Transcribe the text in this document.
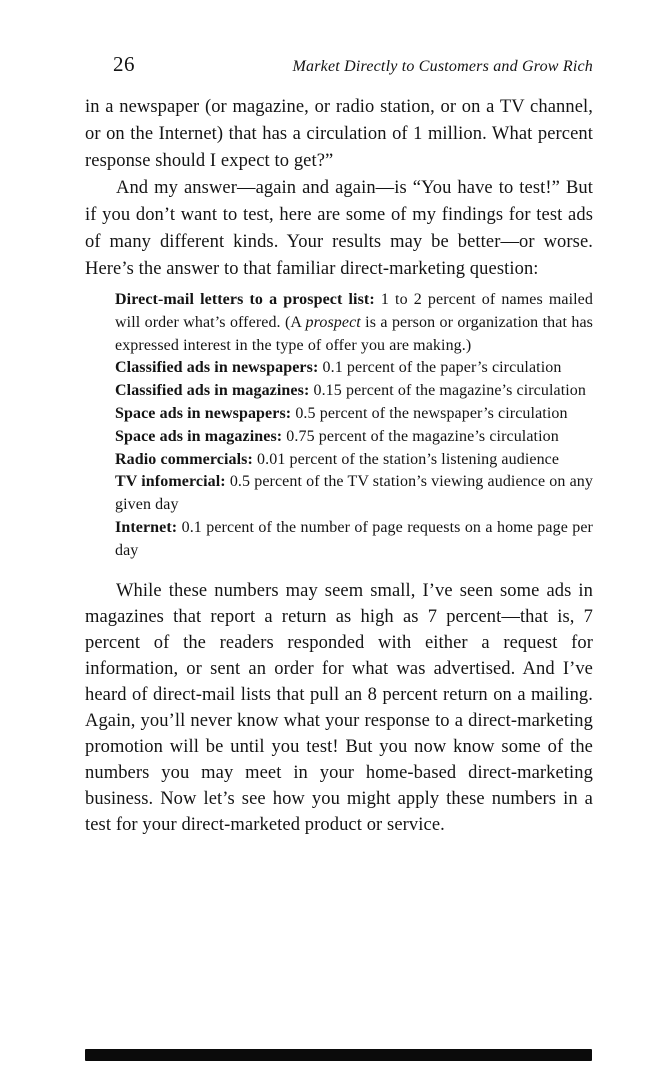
26	Market Directly to Customers and Grow Rich

in a newspaper (or magazine, or radio station, or on a TV channel, or on the Internet) that has a circulation of 1 million. What percent response should I expect to get?”

And my answer—again and again—is “You have to test!” But if you don’t want to test, here are some of my findings for test ads of many different kinds. Your results may be better—or worse. Here’s the answer to that familiar direct-marketing question:

Direct-mail letters to a prospect list: 1 to 2 percent of names mailed will order what’s offered. (A prospect is a person or organization that has expressed interest in the type of offer you are making.)

Classified ads in newspapers: 0.1 percent of the paper’s circulation

Classified ads in magazines: 0.15 percent of the magazine’s circulation

Space ads in newspapers: 0.5 percent of the newspaper’s circulation

Space ads in magazines: 0.75 percent of the magazine’s circulation

Radio commercials: 0.01 percent of the station’s listening audience

TV infomercial: 0.5 percent of the TV station’s viewing audience on any given day

Internet: 0.1 percent of the number of page requests on a home page per day

While these numbers may seem small, I’ve seen some ads in magazines that report a return as high as 7 percent—that is, 7 percent of the readers responded with either a request for information, or sent an order for what was advertised. And I’ve heard of direct-mail lists that pull an 8 percent return on a mailing. Again, you’ll never know what your response to a direct-marketing promotion will be until you test! But you now know some of the numbers you may meet in your home-based direct-marketing business. Now let’s see how you might apply these numbers in a test for your direct-marketed product or service.
